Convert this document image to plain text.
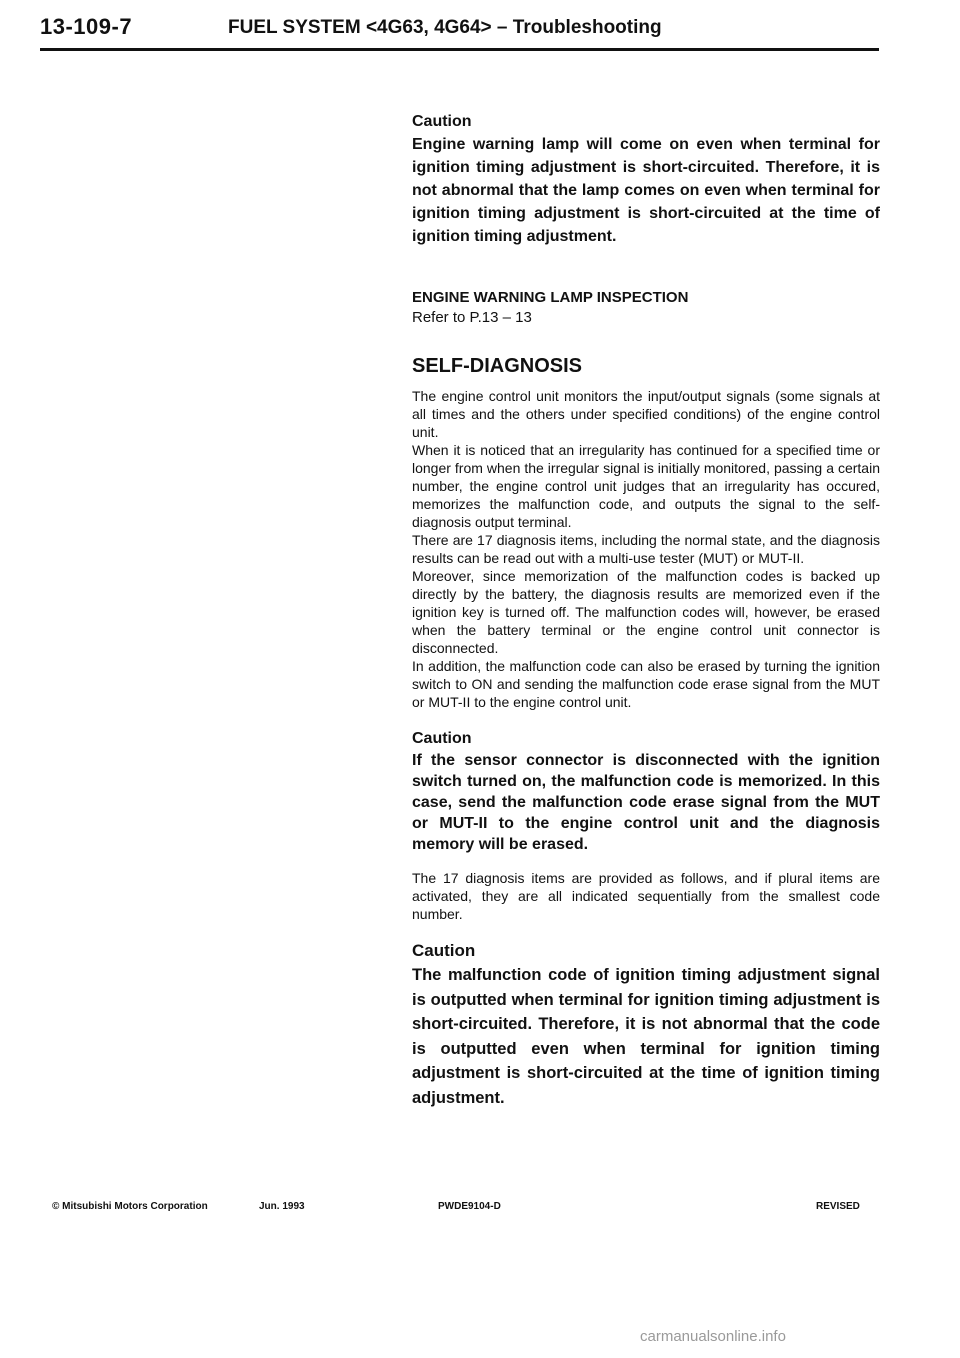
13-109-7	FUEL SYSTEM <4G63, 4G64> – Troubleshooting
Caution

Engine warning lamp will come on even when terminal for ignition timing adjustment is short-circuited. Therefore, it is not abnormal that the lamp comes on even when terminal for ignition timing adjustment is short-circuited at the time of ignition timing adjustment.

ENGINE WARNING LAMP INSPECTION
Refer to P.13 – 13
SELF-DIAGNOSIS

The engine control unit monitors the input/output signals (some signals at all times and the others under specified conditions) of the engine control unit.

When it is noticed that an irregularity has continued for a specified time or longer from when the irregular signal is initially monitored, passing a certain number, the engine control unit judges that an irregularity has occured, memorizes the malfunction code, and outputs the signal to the self-diagnosis output terminal.

There are 17 diagnosis items, including the normal state, and the diagnosis results can be read out with a multi-use tester (MUT) or MUT-II.

Moreover, since memorization of the malfunction codes is backed up directly by the battery, the diagnosis results are memorized even if the ignition key is turned off. The malfunction codes will, however, be erased when the battery terminal or the engine control unit connector is disconnected.

In addition, the malfunction code can also be erased by turning the ignition switch to ON and sending the malfunction code erase signal from the MUT or MUT-II to the engine control unit.

Caution

If the sensor connector is disconnected with the ignition switch turned on, the malfunction code is memorized. In this case, send the malfunction code erase signal from the MUT or MUT-II to the engine control unit and the diagnosis memory will be erased.

The 17 diagnosis items are provided as follows, and if plural items are activated, they are all indicated sequentially from the smallest code number.

Caution

The malfunction code of ignition timing adjustment signal is outputted when terminal for ignition timing adjustment is short-circuited. Therefore, it is not abnormal that the code is outputted even when terminal for ignition timing adjustment is short-circuited at the time of ignition timing adjustment.

© Mitsubishi Motors Corporation	Jun. 1993	PWDE9104-D	REVISED
carmanualsonline.info
